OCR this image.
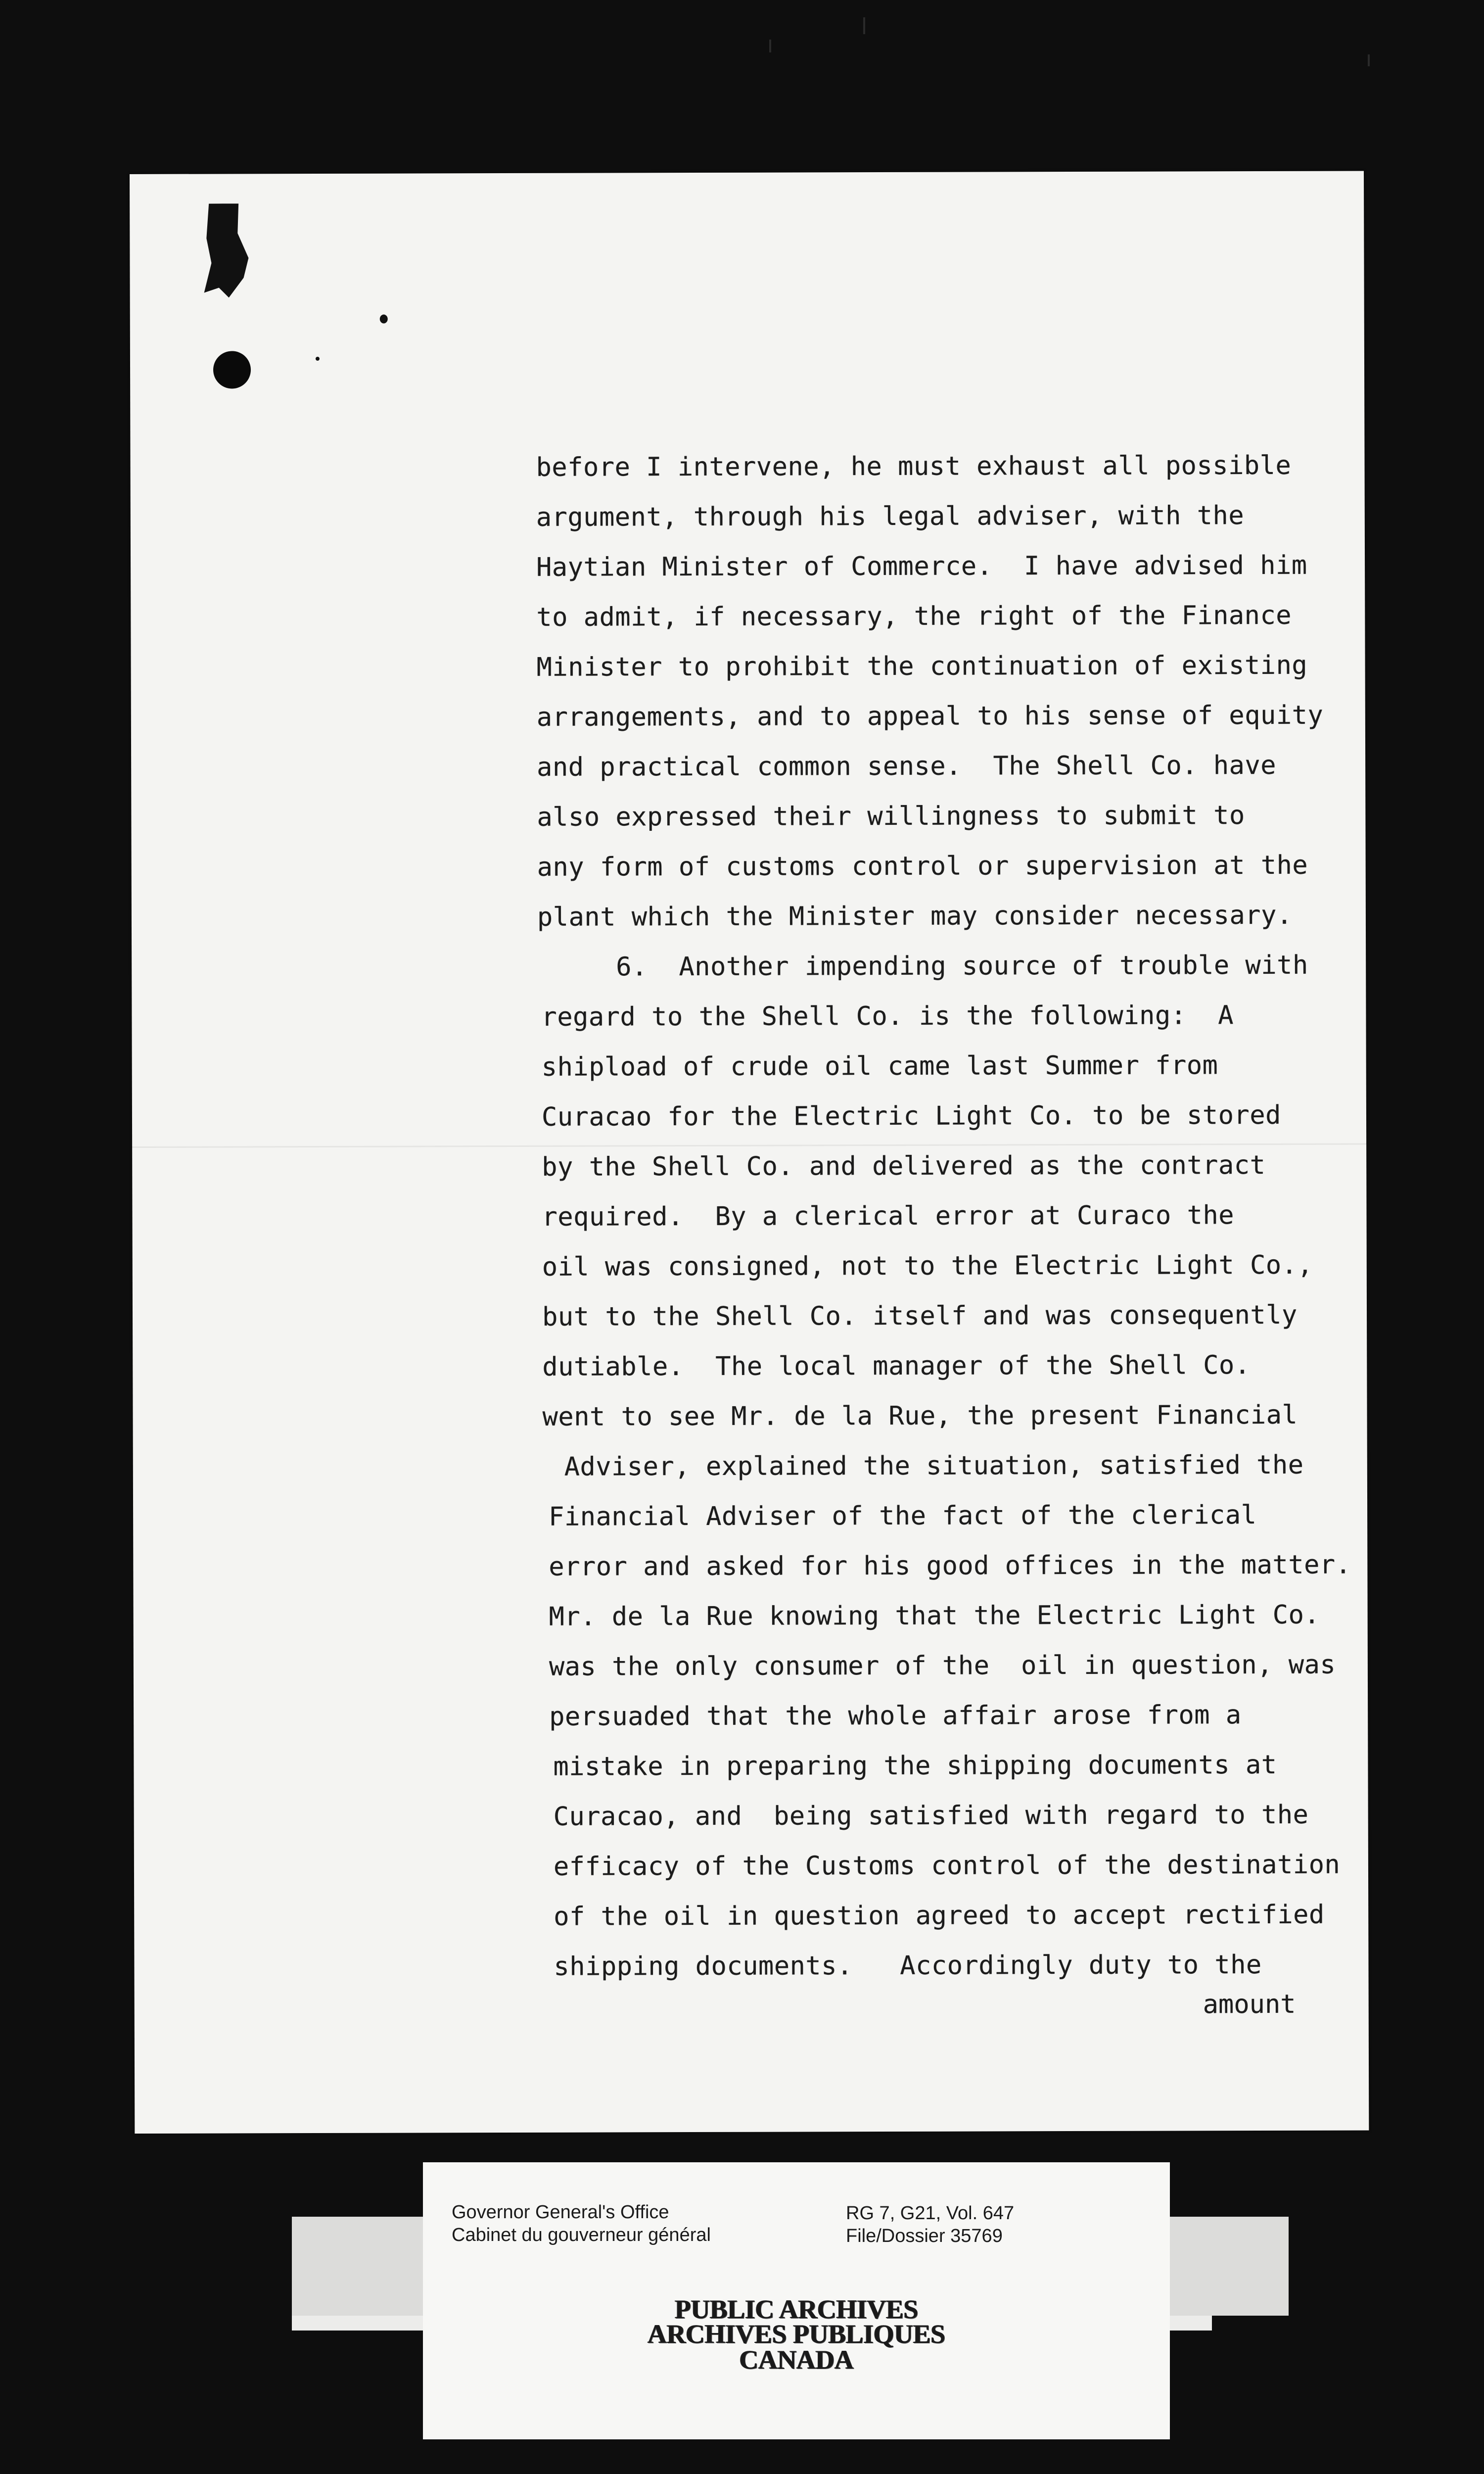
before I intervene, he must exhaust all possible
argument, through his legal adviser, with the
Haytian Minister of Commerce.  I have advised him
to admit, if necessary, the right of the Finance
Minister to prohibit the continuation of existing
arrangements, and to appeal to his sense of equity
and practical common sense.  The Shell Co. have
also expressed their willingness to submit to
any form of customs control or supervision at the
plant which the Minister may consider necessary.
6.  Another impending source of trouble with
regard to the Shell Co. is the following:  A
shipload of crude oil came last Summer from
Curacao for the Electric Light Co. to be stored
by the Shell Co. and delivered as the contract
required.  By a clerical error at Curaco the
oil was consigned, not to the Electric Light Co.,
but to the Shell Co. itself and was consequently
dutiable.  The local manager of the Shell Co.
went to see Mr. de la Rue, the present Financial
Adviser, explained the situation, satisfied the
Financial Adviser of the fact of the clerical
error and asked for his good offices in the matter.
Mr. de la Rue knowing that the Electric Light Co.
was the only consumer of the  oil in question, was
persuaded that the whole affair arose from a
mistake in preparing the shipping documents at
Curacao, and  being satisfied with regard to the
efficacy of the Customs control of the destination
of the oil in question agreed to accept rectified
shipping documents.   Accordingly duty to the
amount
Governor General's Office
Cabinet du gouverneur général
RG 7, G21, Vol. 647
File/Dossier 35769
PUBLIC ARCHIVES
ARCHIVES PUBLIQUES
CANADA
